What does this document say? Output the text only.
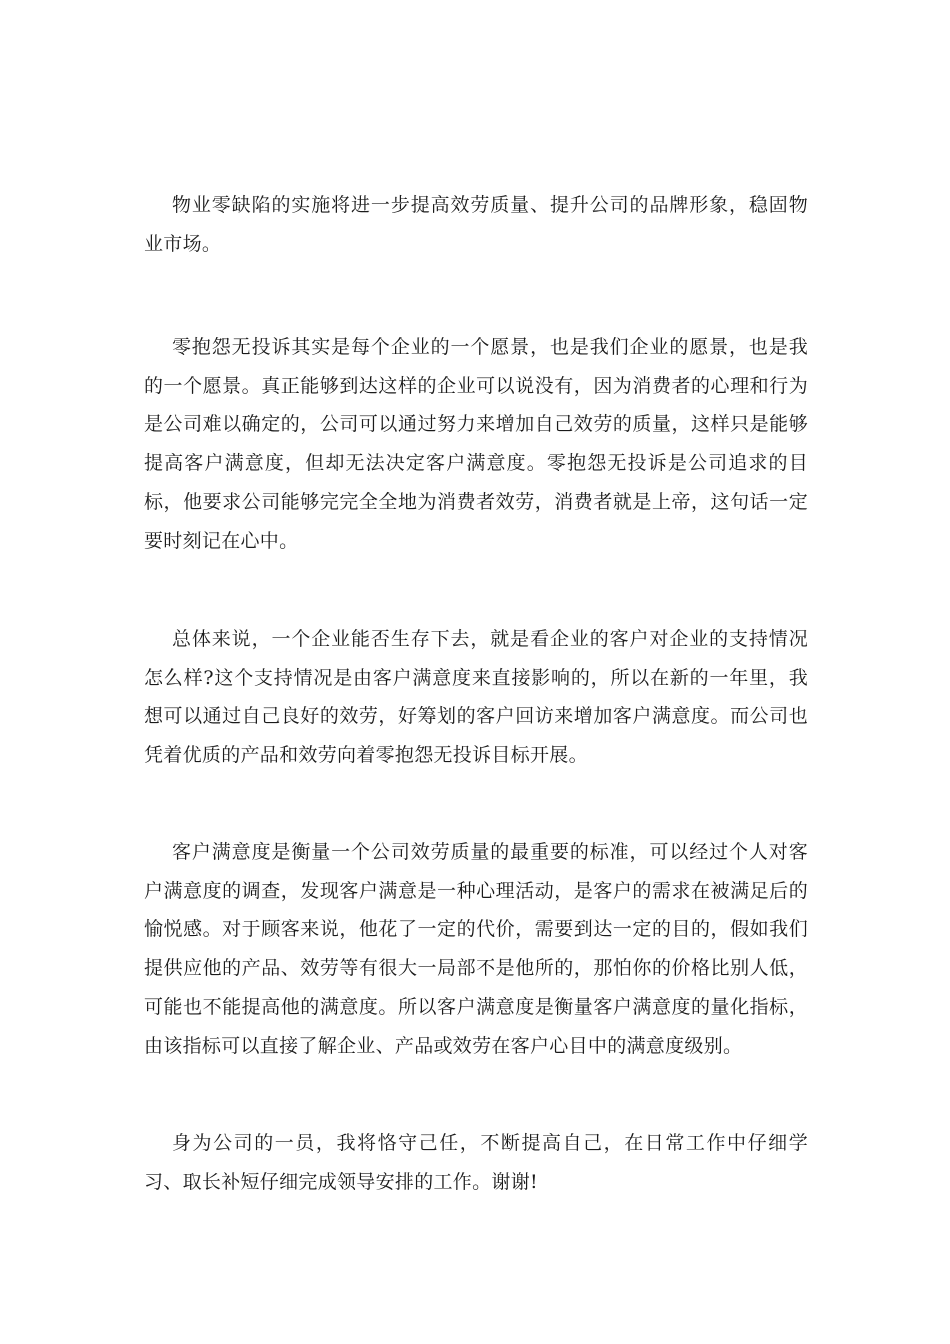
物业零缺陷的实施将进一步提高效劳质量、提升公司的品牌形象，稳固物业市场。

零抱怨无投诉其实是每个企业的一个愿景，也是我们企业的愿景，也是我的一个愿景。真正能够到达这样的企业可以说没有，因为消费者的心理和行为是公司难以确定的，公司可以通过努力来增加自己效劳的质量，这样只是能够提高客户满意度，但却无法决定客户满意度。零抱怨无投诉是公司追求的目标，他要求公司能够完完全全地为消费者效劳，消费者就是上帝，这句话一定要时刻记在心中。

总体来说，一个企业能否生存下去，就是看企业的客户对企业的支持情况怎么样?这个支持情况是由客户满意度来直接影响的，所以在新的一年里，我想可以通过自己良好的效劳，好筹划的客户回访来增加客户满意度。而公司也凭着优质的产品和效劳向着零抱怨无投诉目标开展。

客户满意度是衡量一个公司效劳质量的最重要的标准，可以经过个人对客户满意度的调查，发现客户满意是一种心理活动，是客户的需求在被满足后的愉悦感。对于顾客来说，他花了一定的代价，需要到达一定的目的，假如我们提供应他的产品、效劳等有很大一局部不是他所的，那怕你的价格比别人低，可能也不能提高他的满意度。所以客户满意度是衡量客户满意度的量化指标，由该指标可以直接了解企业、产品或效劳在客户心目中的满意度级别。

身为公司的一员，我将恪守己任，不断提高自己，在日常工作中仔细学习、取长补短仔细完成领导安排的工作。谢谢!
